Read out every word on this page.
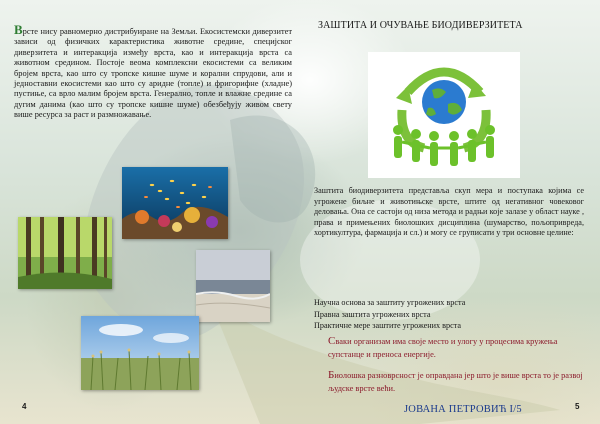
Врсте нису равномерно дистрибуиране на Земљи. Екосистемски диверзитет зависи од физичких карактеристика животне средине, специјског диверзитета и интеракција између врста, као и интеракција врста са животном средином. Постоје веома комплексни екосистеми са великим бројем врста, као што су тропске кишне шуме и корални спрудови, али и једноставни екосистеми као што су аридне (топле) и фригорифне (хладне) пустиње, са врло малим бројем врста. Генерално, топле и влажне средине са дугим данима (као што су тропске кишне шуме) обезбеђују живом свету више ресурса за раст и размножавање.
4
ЗАШТИТА И ОЧУВАЊЕ БИОДИВЕРЗИТЕТА
Заштита биодиверзитета представља скуп мера и поступака којима се угрожене биљне и животињске врсте, штите од негативног човековог деловања. Она се састоји од низа метода и радњи које залазе у област науке , права и примењених биолошких дисциплина (шумарство, пољопривреда, хортикултура, фармација и сл.) и могу се груписати у три основне целине:
Научна основа за заштиту угрожених врста
Правна заштита угрожених врста
Практичне мере заштите угрожених врста
Свaки организам има своје место и улогу у процесима кружења супстанце и преноса енергије.
Биолошка разноврсност је оправдана јер што је више врста то је развој људске врсте већи.
ЈОВАНА ПЕТРОВИЋ I/5	5
